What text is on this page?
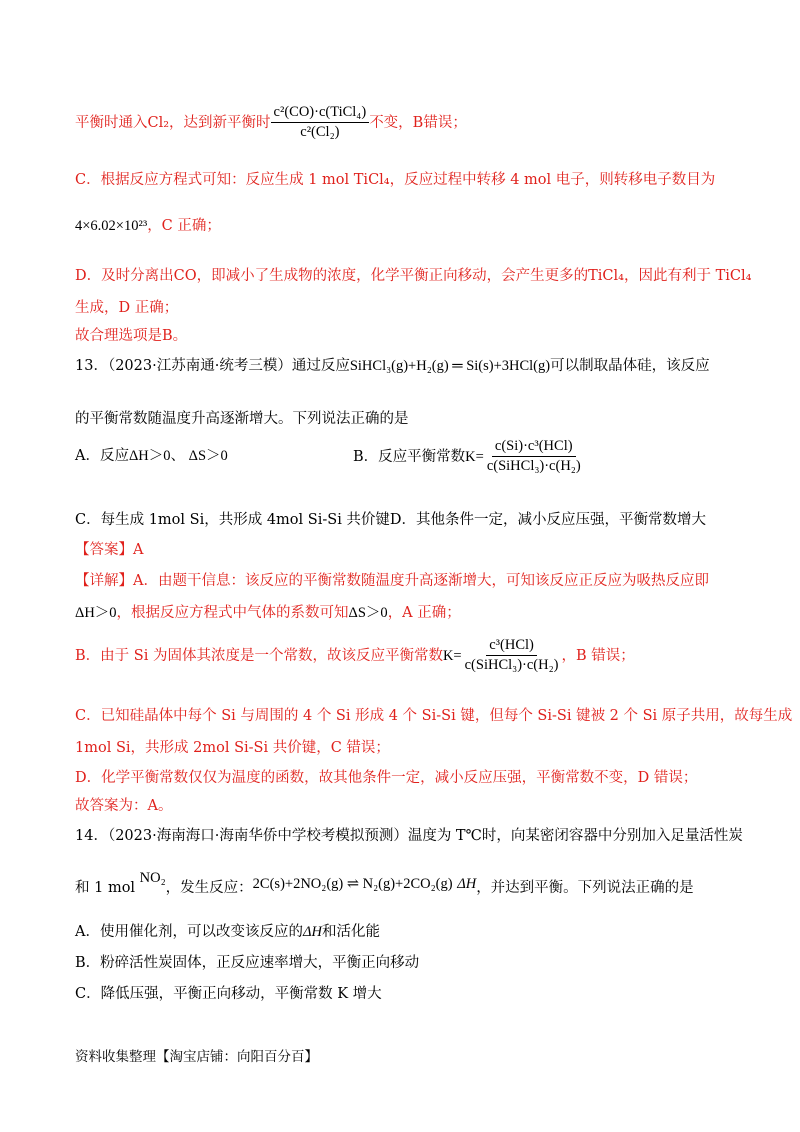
平衡时通入Cl₂，达到新平衡时 $\frac{\text{c²(CO)·c(TiCl₄)}}{\text{c²(Cl₂)}}$ 不变，B错误；
C．根据反应方程式可知：反应生成 1 mol TiCl₄，反应过程中转移 4 mol 电子，则转移电子数目为
4×6.02×10²³，C 正确；
D．及时分离出CO，即减小了生成物的浓度，化学平衡正向移动，会产生更多的TiCl₄，因此有利于 TiCl₄
生成，D 正确；
故合理选项是B。
13．（2023·江苏南通·统考三模）通过反应SiHCl₃(g)+H₂(g) ═ Si(s)+3HCl(g)可以制取晶体硅，该反应
的平衡常数随温度升高逐渐增大。下列说法正确的是
A．反应ΔH＞0、 ΔS＞0	B．反应平衡常数$K= \frac{\text{c(Si)·c³(HCl)}}{\text{c(SiHCl₃)·c(H₂)}}$
C．每生成 1mol Si，共形成 4mol Si-Si 共价键D．其他条件一定，减小反应压强，平衡常数增大
【答案】A
【详解】A．由题干信息：该反应的平衡常数随温度升高逐渐增大，可知该反应正反应为吸热反应即
ΔH＞0，根据反应方程式中气体的系数可知ΔS＞0，A 正确；
B．由于 Si 为固体其浓度是一个常数，故该反应平衡常数$K= \frac{\text{c³(HCl)}}{\text{c(SiHCl₃)·c(H₂)}}$ ，B 错误；
C．已知硅晶体中每个 Si 与周围的 4 个 Si 形成 4 个 Si-Si 键，但每个 Si-Si 键被 2 个 Si 原子共用，故每生成
1mol Si，共形成 2mol Si-Si 共价键，C 错误；
D．化学平衡常数仅仅为温度的函数，故其他条件一定，减小反应压强，平衡常数不变，D 错误；
故答案为：A。
14．（2023·海南海口·海南华侨中学校考模拟预测）温度为 T℃时，向某密闭容器中分别加入足量活性炭
和 1 mol NO₂，发生反应：2C(s)+2NO₂(g) ⇌ N₂(g)+2CO₂(g) ΔH，并达到平衡。下列说法正确的是
A．使用催化剂，可以改变该反应的ΔH和活化能
B．粉碎活性炭固体，正反应速率增大，平衡正向移动
C．降低压强，平衡正向移动，平衡常数 K 增大
资料收集整理【淘宝店铺：向阳百分百】
